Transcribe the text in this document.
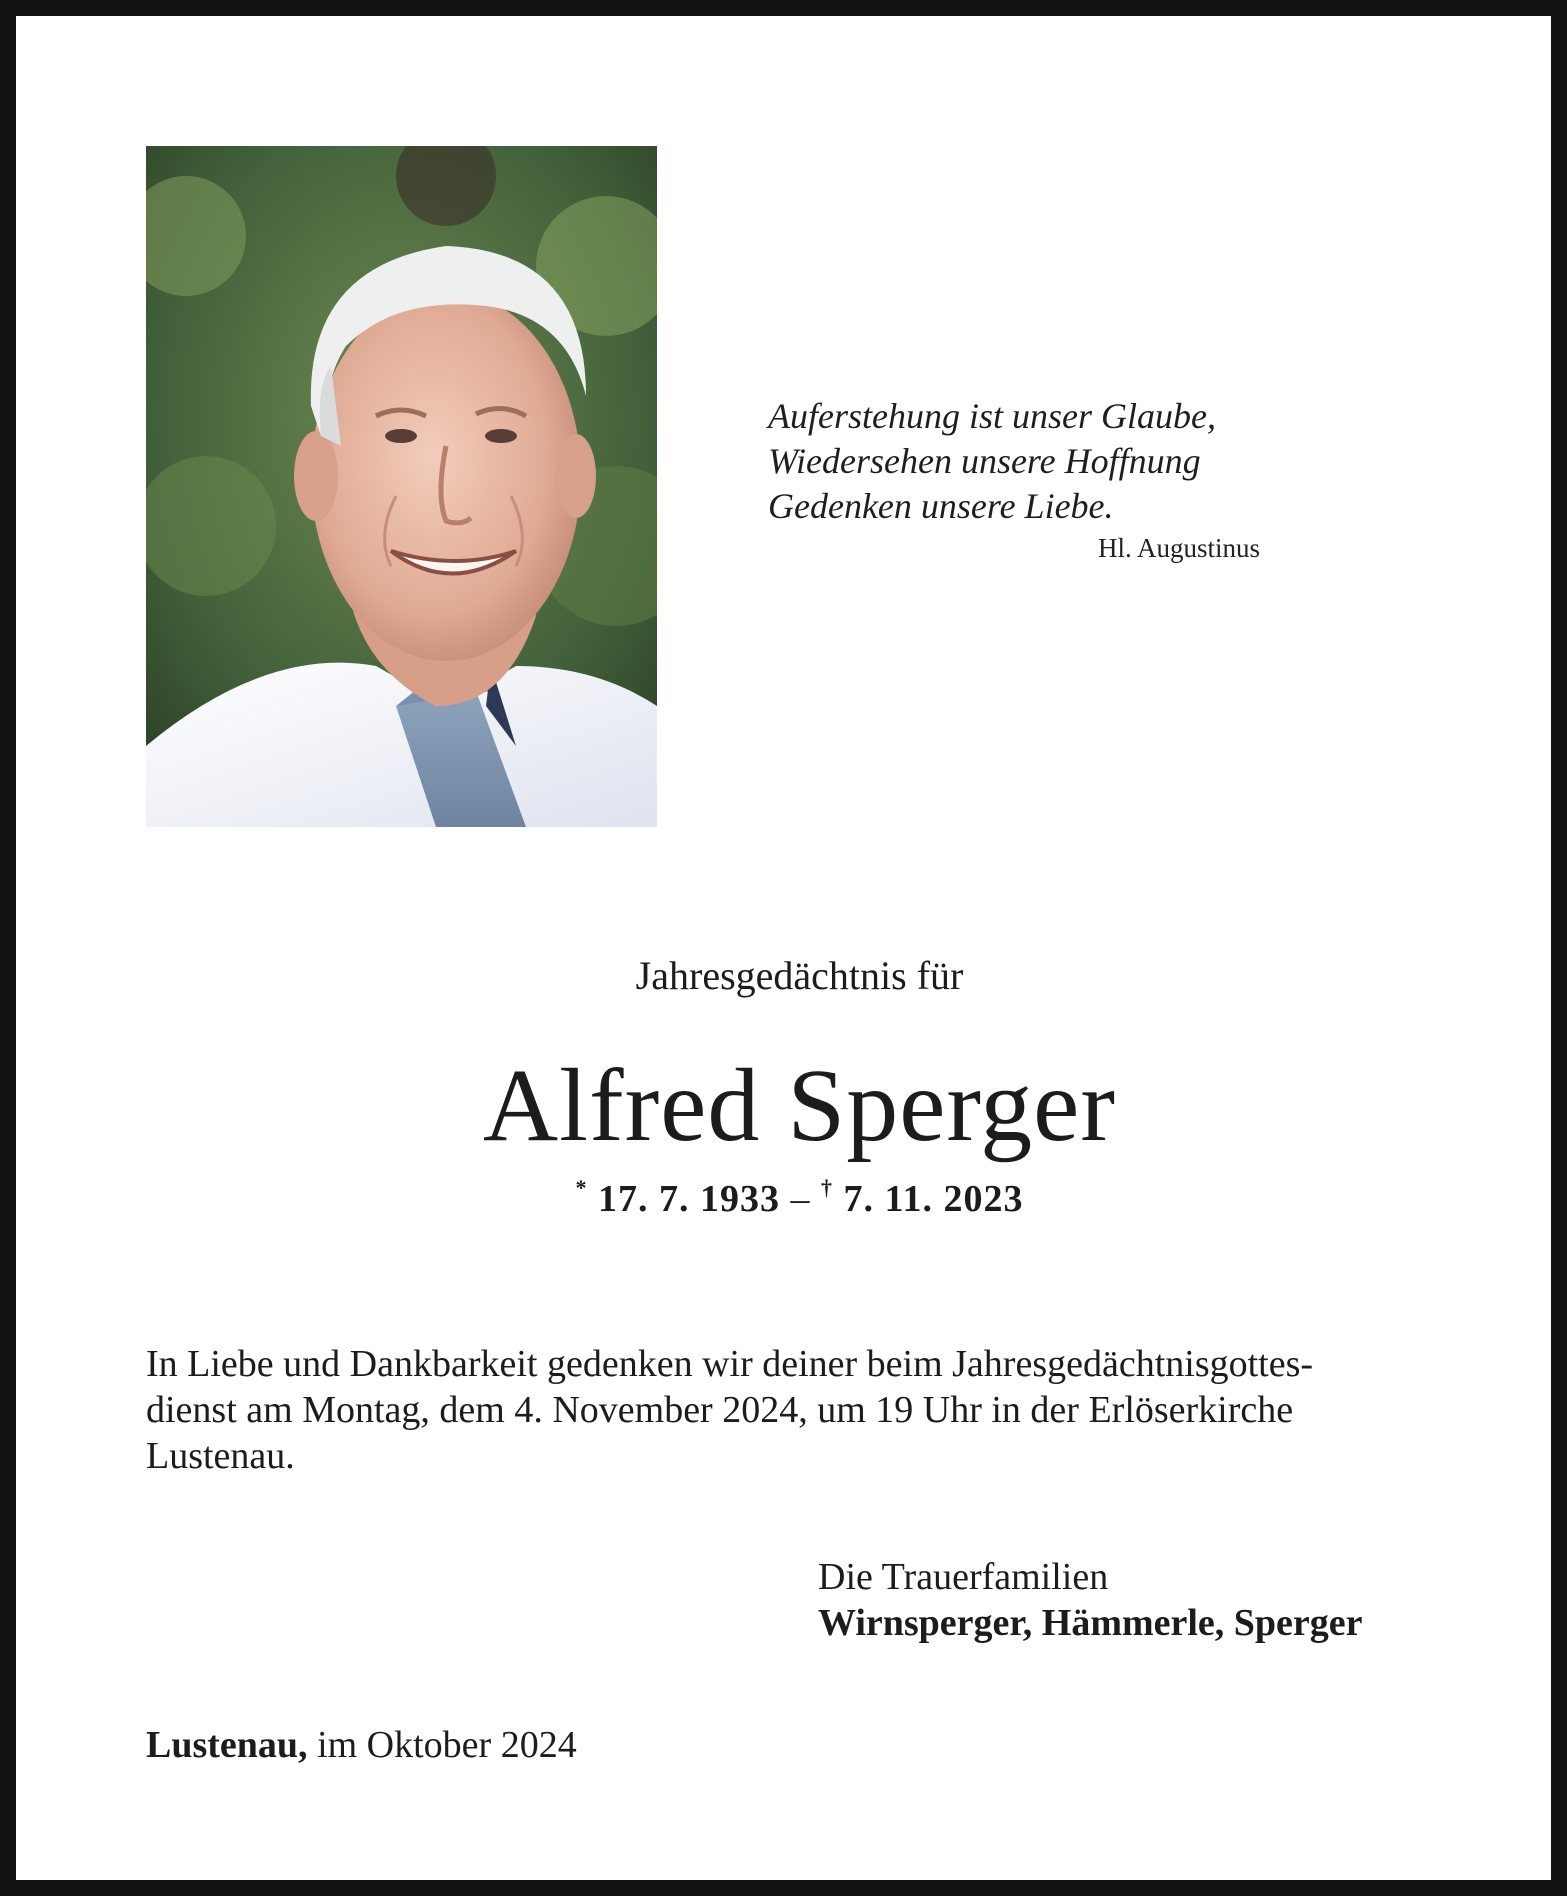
Auferstehung ist unser Glaube,
Wiedersehen unsere Hoffnung
Gedenken unsere Liebe.
Hl. Augustinus
Jahresgedächtnis für
Alfred Sperger
* 17. 7. 1933 – † 7. 11. 2023
In Liebe und Dankbarkeit gedenken wir deiner beim Jahresgedächtnisgottes-
dienst am Montag, dem 4. November 2024, um 19 Uhr in der Erlöserkirche
Lustenau.
Die Trauerfamilien
Wirnsperger, Hämmerle, Sperger
Lustenau, im Oktober 2024
